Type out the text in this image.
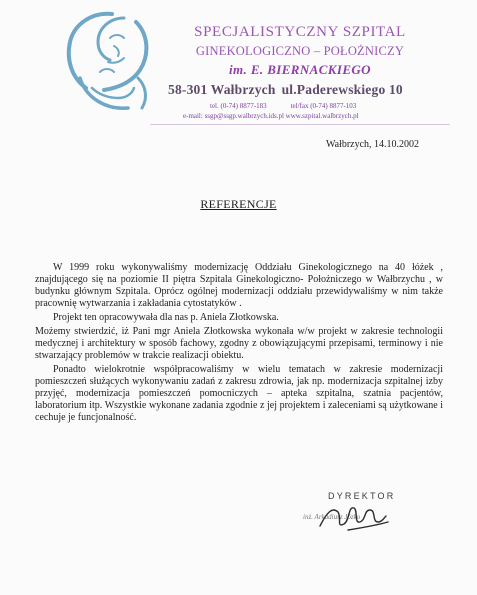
SPECJALISTYCZNY SZPITAL
GINEKOLOGICZNO – POŁOŻNICZY
im. E. BIERNACKIEGO
58-301 Wałbrzych ul.Paderewskiego 10
tel. (0-74) 8877-183	tel/fax (0-74) 8877-103
e-mail: ssgp@ssgp.walbrzych.ids.pl www.szpital.walbrzych.pl
Wałbrzych, 14.10.2002
REFERENCJE

W 1999 roku wykonywaliśmy modernizację Oddziału Ginekologicznego na 40 łóżek , znajdującego się na poziomie II piętra Szpitala Ginekologiczno- Położniczego w Wałbrzychu , w budynku głównym Szpitala. Oprócz ogólnej modernizacji oddziału przewidywaliśmy w nim także pracownię wytwarzania i zakładania cytostatyków .

Projekt ten opracowywała dla nas p. Aniela Złotkowska.

Możemy stwierdzić, iż Pani mgr Aniela Złotkowska wykonała w/w projekt w zakresie technologii medycznej i architektury w sposób fachowy, zgodny z obowiązującymi przepisami, terminowy i nie stwarzający problemów w trakcie realizacji obiektu.

Ponadto wielokrotnie współpracowaliśmy w wielu tematach w zakresie modernizacji pomieszczeń służących wykonywaniu zadań z zakresu zdrowia, jak np. modernizacja szpitalnej izby przyjęć, modernizacja pomieszczeń pomocniczych – apteka szpitalna, szatnia pacjentów, laboratorium itp. Wszystkie wykonane zadania zgodnie z jej projektem i zaleceniami są użytkowane i cechuje je funcjonalność.

DYREKTOR
inż. Arkadiusz Józko
